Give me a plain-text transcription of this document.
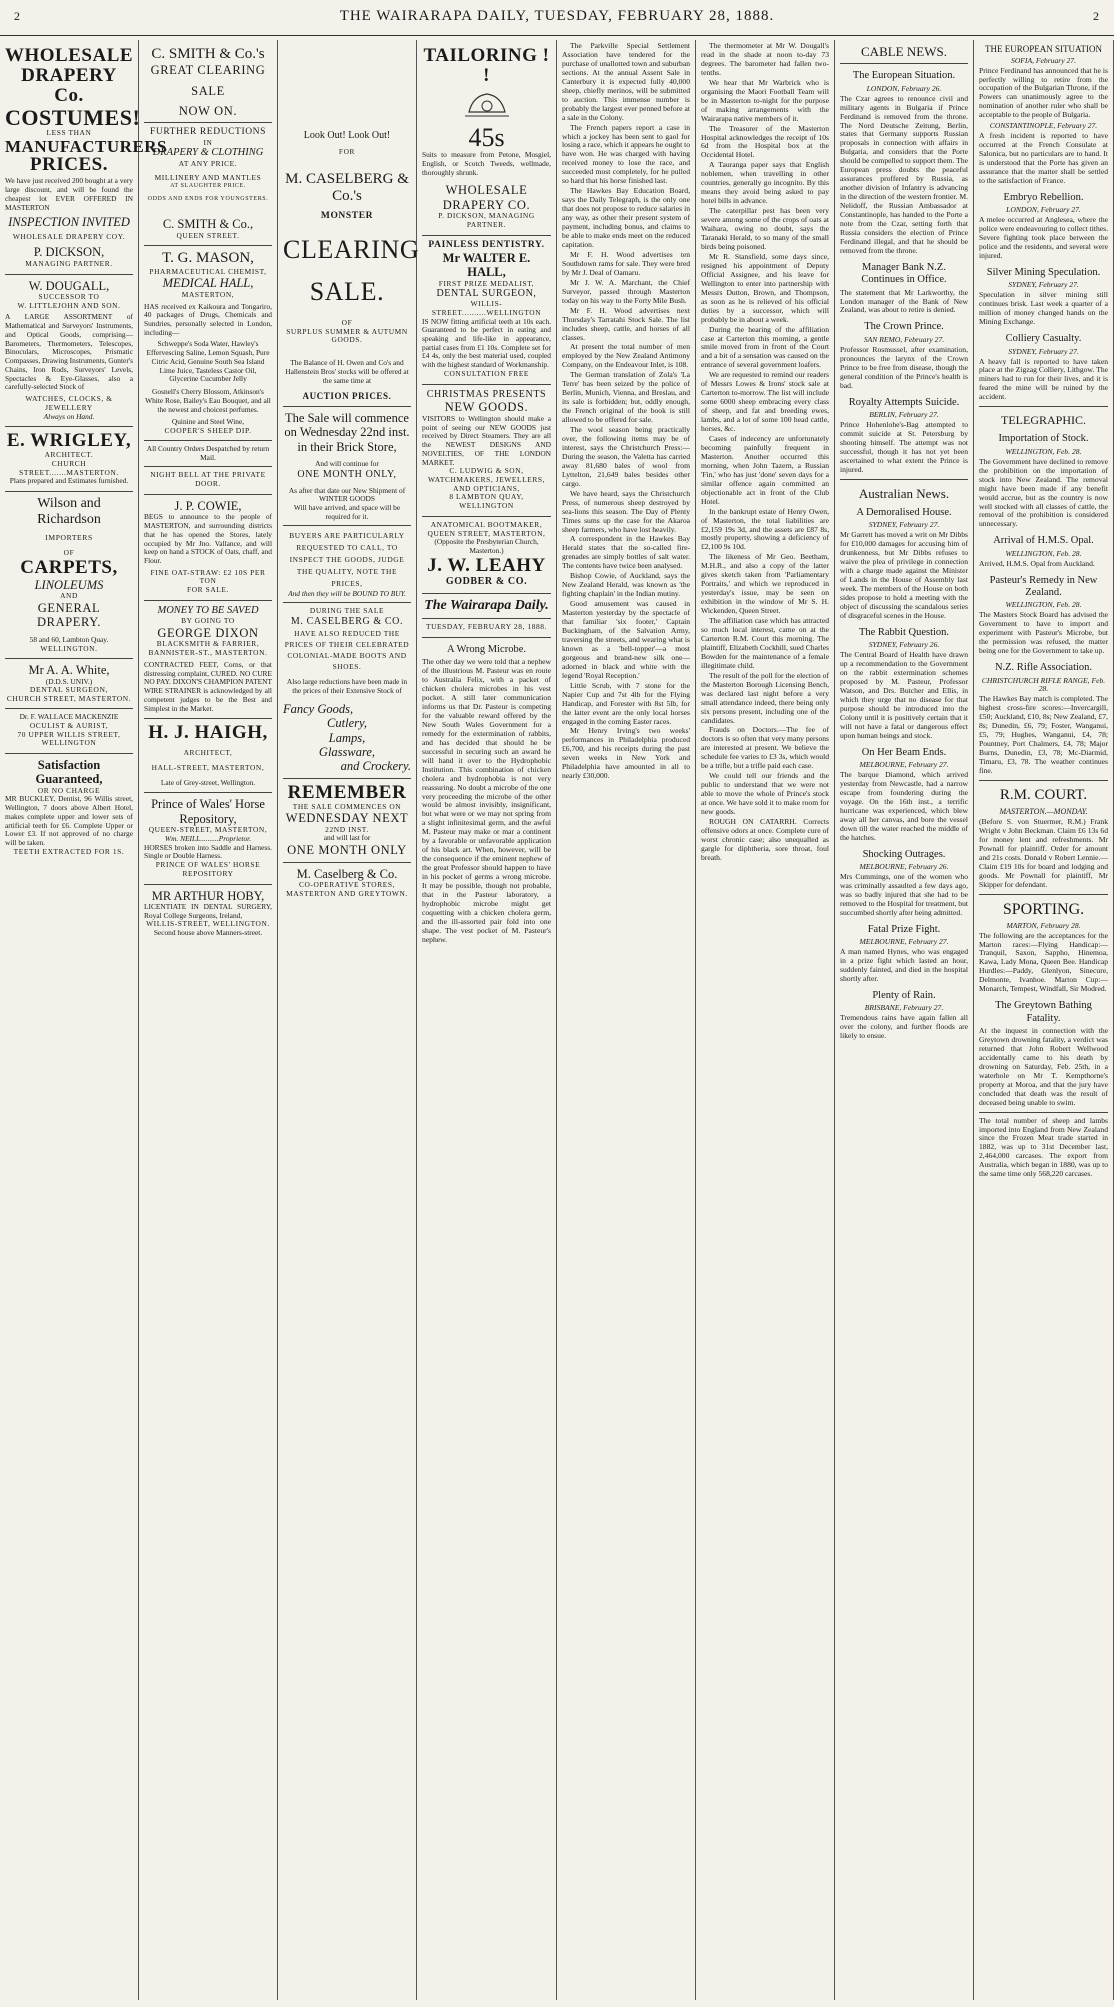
2	THE WAIRARAPA DAILY, TUESDAY, FEBRUARY 28, 1888.	2
WHOLESALE
DRAPERY Co.
COSTUMES!
LESS THAN
MANUFACTURERS
PRICES.
We have just received 200 bought at a very large discount, and will be found the cheapest lot EVER OFFERED IN MASTERTON
INSPECTION INVITED
WHOLESALE DRAPERY COY.
P. DICKSON,
MANAGING PARTNER.
W. DOUGALL,
SUCCESSOR TO
W. LITTLEJOHN AND SON.
A LARGE ASSORTMENT of Mathematical and Surveyors' Instruments, and Optical Goods, comprising— Barometers, Thermometers, Telescopes, Binoculars, Microscopes, Prismatic Compasses, Drawing Instruments, Gunter's Chains, Iron Rods, Surveyors' Levels, Spectacles & Eye-Glasses, also a carefully-selected Stock of
WATCHES, CLOCKS, & JEWELLERY
Always on Hand.
E. WRIGLEY,
ARCHITECT.
CHURCH STREET.......MASTERTON.
Plans prepared and Estimates furnished.
Wilson and Richardson
IMPORTERS
OF
CARPETS,
LINOLEUMS
AND
GENERAL DRAPERY.
58 and 60, Lambton Quay.
WELLINGTON.
Mr A. A. White,
(D.D.S. UNIV.)
DENTAL SURGEON,
CHURCH STREET, MASTERTON.
Dr. F. WALLACE MACKENZIE
OCULIST & AURIST,
70 UPPER WILLIS STREET, WELLINGTON
Satisfaction Guaranteed,
OR NO CHARGE
MR BUCKLEY, Dentist, 96 Willis street, Wellington, 7 doors above Albert Hotel, makes complete upper and lower sets of artificial teeth for £6. Complete Upper or Lower £3. If not approved of no charge will be taken.
TEETH EXTRACTED FOR 1S.
C. SMITH & Co.'s
GREAT CLEARING
SALE
NOW ON.
FURTHER REDUCTIONS
IN
DRAPERY & CLOTHING
AT ANY PRICE.
MILLINERY AND MANTLES
AT SLAUGHTER PRICE.
ODDS AND ENDS FOR YOUNGSTERS.
C. SMITH & Co.,
QUEEN STREET.
T. G. MASON,
PHARMACEUTICAL CHEMIST,
MEDICAL HALL,
MASTERTON,
HAS received ex Kaikoura and Tongariro, 40 packages of Drugs, Chemicals and Sundries, personally selected in London, including—
Schweppe's Soda Water, Hawley's Effervescing Saline, Lemon Squash, Pure Citric Acid, Genuine South Sea Island Lime Juice, Tasteless Castor Oil, Glycerine Cucumber Jelly
Gosnell's Cherry Blossom, Atkinson's White Rose, Bailey's Eau Bouquet, and all the newest and choicest perfumes.
Quinine and Steel Wine,
COOPER'S SHEEP DIP.
All Country Orders Despatched by return Mail.
NIGHT BELL AT THE PRIVATE DOOR.
J. P. COWIE,
BEGS to announce to the people of MASTERTON, and surrounding districts that he has opened the Stores, lately occupied by Mr Jno. Vallance, and will keep on hand a STOCK of Oats, chaff, and Flour.
FINE OAT-STRAW: £2 10S PER TON
FOR SALE.
MONEY TO BE SAVED
BY GOING TO
GEORGE DIXON
BLACKSMITH & FARRIER,
BANNISTER-ST., MASTERTON.
CONTRACTED FEET, Corns, or that distressing complaint, CURED. NO CURE NO PAY. DIXON'S CHAMPION PATENT WIRE STRAINER is acknowledged by all competent judges to be the Best and Simplest in the Market.
H. J. HAIGH,
ARCHITECT,
HALL-STREET, MASTERTON,
Late of Grey-street, Wellington.
Prince of Wales' Horse Repository,
QUEEN-STREET, MASTERTON,
Wm. NEILL..........Proprietor.
HORSES broken into Saddle and Harness. Single or Double Harness.
PRINCE OF WALES' HORSE REPOSITORY
MR ARTHUR HOBY,
LICENTIATE IN DENTAL SURGERY, Royal College Surgeons, Ireland,
WILLIS-STREET, WELLINGTON.
Second house above Manners-street.
Look Out! Look Out!
FOR
M. CASELBERG & Co.'s
MONSTER
CLEARING
SALE.
OF
SURPLUS SUMMER & AUTUMN GOODS.
The Balance of H. Owen and Co's and Hallenstein Bros' stocks will be offered at the same time at
AUCTION PRICES.
The Sale will commence on Wednesday 22nd inst. in their Brick Store,
And will continue for
ONE MONTH ONLY,
As after that date our New Shipment of WINTER GOODS
Will have arrived, and space will be required for it.
BUYERS ARE PARTICULARLY REQUESTED TO CALL, TO INSPECT THE GOODS, JUDGE THE QUALITY, NOTE THE PRICES,
And then they will be BOUND TO BUY.
DURING THE SALE
M. CASELBERG & CO.
HAVE ALSO REDUCED THE PRICES OF THEIR CELEBRATED COLONIAL-MADE BOOTS AND SHOES.
Also large reductions have been made in the prices of their Extensive Stock of
Fancy Goods,
Cutlery,
Lamps,
Glassware,
and Crockery.
REMEMBER
THE SALE COMMENCES ON
WEDNESDAY NEXT
22ND INST.
and will last for
ONE MONTH ONLY
M. Caselberg & Co.
CO-OPERATIVE STORES,
MASTERTON AND GREYTOWN.
TAILORING ! !
45s
Suits to measure from Petone, Mosgiel, English, or Scotch Tweeds, wellmade, thoroughly shrunk.
WHOLESALE DRAPERY CO.
P. DICKSON, MANAGING PARTNER.
PAINLESS DENTISTRY.
Mr WALTER E. HALL,
FIRST PRIZE MEDALIST,
DENTAL SURGEON,
WILLIS-STREET..........WELLINGTON
IS NOW fitting artificial teeth at 10s each. Guaranteed to be perfect in eating and speaking and life-like in appearance, partial cases from £1 10s. Complete set for £4 4s, only the best material used, coupled with the highest standard of Workmanship.
CONSULTATION FREE
CHRISTMAS PRESENTS
NEW GOODS.
VISITORS to Wellington should make a point of seeing our NEW GOODS just received by Direct Steamers. They are all the NEWEST DESIGNS AND NOVELTIES, OF THE LONDON MARKET.
C. LUDWIG & SON,
WATCHMAKERS, JEWELLERS, AND OPTICIANS,
8 LAMBTON QUAY, WELLINGTON
ANATOMICAL BOOTMAKER, QUEEN STREET, MASTERTON,
(Opposite the Presbyterian Church, Masterton.)
J. W. LEAHY
GODBER & CO.
The Wairarapa Daily.
TUESDAY, FEBRUARY 28, 1888.
A Wrong Microbe.
The other day we were told that a nephew of the illustrious M. Pasteur was en route to Australia Felix, with a packet of chicken cholera microbes in his vest pocket. A still later communication informs us that Dr. Pasteur is competing for the valuable reward offered by the New South Wales Government for a remedy for the extermination of rabbits, and has decided that should he be successful in securing such an award he will hand it over to the Hydrophobic Institution. This combination of chicken cholera and hydrophobia is not very reassuring. No doubt a microbe of the one very proceeding the microbe of the other would be almost invisibly, insignificant, but what were or we may not spring from a slight infinitesimal germ, and the awful M. Pasteur may make or mar a continent by a favorable or unfavorable application of his black art. When, however, will be the consequence if the eminent nephew of the great Professor should happen to have in his pocket of germs a wrong microbe. It may be possible, though not probable, that in the Pasteur laboratory, a hydrophobic microbe might get coquetting with a chicken cholera germ, and the ill-assorted pair fold into one shape. The vest pocket of M. Pasteur's nephew.

The Parkville Special Settlement Association have tendered for the purchase of unallotted town and suburban sections. At the annual Assent Sale in Canterbury it is expected fully 40,000 sheep, chiefly merinos, will be submitted to auction. This immense number is probably the largest ever penned before at a sale in the Colony.

The French papers report a case in which a jockey has been sent to gaol for losing a race, which it appears he ought to have won. He was charged with having received money to lose the race, and succeeded most completely, for he pulled so hard that his horse finished last.

The Hawkes Bay Education Board, says the Daily Telegraph, is the only one that does not propose to reduce salaries in any way, as other their present system of payment, including bonus, and claims to be able to make ends meet on the reduced capitation.

Mr F. H. Wood advertises ten Southdown rams for sale. They were bred by Mr J. Deal of Oamaru.

Mr J. W. A. Marchant, the Chief Surveyor, passed through Masterton today on his way to the Forty Mile Bush.

Mr F. H. Wood advertises next Thursday's Tarratahi Stock Sale. The list includes sheep, cattle, and horses of all classes.

At present the total number of men employed by the New Zealand Antimony Company, on the Endeavour Inlet, is 108.

The German translation of Zola's 'La Terre' has been seized by the police of Berlin, Munich, Vienna, and Breslau, and its sale is forbidden; but, oddly enough, the French original of the book is still allowed to be offered for sale.

The wool season being practically over, the following items may be of interest, says the Christchurch Press:—During the season, the Valetta has carried away 81,680 bales of wool from Lyttelton, 21,649 bales besides other cargo.

We have heard, says the Christchurch Press, of numerous sheep destroyed by sea-lions this season. The Day of Plenty Times sums up the case for the Akaroa sheep farmers, who have lost heavily.

A correspondent in the Hawkes Bay Herald states that the so-called fire-grenades are simply bottles of salt water. The contents have twice been analysed.

Bishop Cowie, of Auckland, says the New Zealand Herald, was known as 'the fighting chaplain' in the Indian mutiny.

Good amusement was caused in Masterton yesterday by the spectacle of that familiar 'six footer,' Captain Buckingham, of the Salvation Army, traversing the streets, and wearing what is known as a 'bell-topper'—a most gorgeous and brand-new silk one—adorned in black and white with the legend 'Royal Reception.'

Little Scrub, with 7 stone for the Napier Cup and 7st 4lb for the Flying Handicap, and Forester with 8st 5lb, for the latter event are the only local horses engaged in the coming Easter races.

Mr Henry Irving's two weeks' performances in Philadelphia produced £6,700, and his receipts during the past seven weeks in New York and Philadelphia have amounted in all to nearly £30,000.

The thermometer at Mr W. Dougall's read in the shade at noon to-day 73 degrees. The barometer had fallen two-tenths.

We hear that Mr Warbrick who is organising the Maori Football Team will be in Masterton to-night for the purpose of making arrangements with the Wairarapa native members of it.

The Treasurer of the Masterton Hospital acknowledges the receipt of 10s 6d from the Hospital box at the Occidental Hotel.

A Tauranga paper says that English noblemen, when travelling in other countries, generally go incognito. By this means they avoid being asked to pay hotel bills in advance.

The caterpillar pest has been very severe among some of the crops of oats at Waihara, owing no doubt, says the Taranaki Herald, to so many of the small birds being poisoned.

Mr R. Stansfield, some days since, resigned his appointment of Deputy Official Assignee, and his leave for Wellington to enter into partnership with Messrs Dutton, Brown, and Thompson, as soon as he is relieved of his official duties by a successor, which will probably be in about a week.

During the hearing of the affiliation case at Carterton this morning, a gentle smile moved from in front of the Court and a bit of a sensation was caused on the entrance of several government loafers.

We are requested to remind our readers of Messrs Lowes & Irons' stock sale at Carterton to-morrow. The list will include some 6000 sheep embracing every class of sheep, and fat and breeding ewes, lambs, and a lot of some 100 head cattle, horses, &c.

Cases of indecency are unfortunately becoming painfully frequent in Masterton. Another occurred this morning, when John Tazern, a Russian 'Fin,' who has just 'done' seven days for a similar offence again committed an objectionable act in front of the Club Hotel.

In the bankrupt estate of Henry Owen, of Masterton, the total liabilities are £2,159 19s 3d, and the assets are £87 8s, mostly property, showing a deficiency of £2,100 9s 10d.

The likeness of Mr Geo. Beetham, M.H.R., and also a copy of the latter gives sketch taken from 'Parliamentary Portraits,' and which we reproduced in yesterday's issue, may be seen on exhibition in the window of Mr S. H. Wickenden, Queen Street.

The affiliation case which has attracted so much local interest, came on at the Carterton R.M. Court this morning. The plaintiff, Elizabeth Cockhill, sued Charles Bowden for the maintenance of a female illegitimate child.

The result of the poll for the election of the Masterton Borough Licensing Bench, was declared last night before a very small attendance indeed, there being only six persons present, including one of the candidates.

Frauds on Doctors.—The fee of doctors is so often that very many persons are interested at present. We believe the schedule fee varies to £3 3s, which would be a trifle, but a trifle paid each case.

We could tell our friends and the public to understand that we were not able to move the whole of Prince's stock at once. We have sold it to make room for new goods.

ROUGH ON CATARRH. Corrects offensive odors at once. Complete cure of worst chronic case; also unequalled as gargle for diphtheria, sore throat, foul breath.

CABLE NEWS.
The European Situation.
LONDON, February 26.
The Czar agrees to renounce civil and military agents in Bulgaria if Prince Ferdinand is removed from the throne. The Nord Deutsche Zeitung, Berlin, states that Germany supports Russian proposals in connection with affairs in Bulgaria, and considers that the Porte should be compelled to support them. The European press doubts the peaceful assurances proffered by Russia, as another division of Infantry is advancing in the direction of the western frontier. M. Nelidoff, the Russian Ambassador at Constantinople, has handed to the Porte a note from the Czar, setting forth that Russia considers the election of Prince Ferdinand illegal, and that he should be removed from the throne.
Manager Bank N.Z. Continues in Office.
The statement that Mr Larkworthy, the London manager of the Bank of New Zealand, was about to retire is denied.
The Crown Prince.
SAN REMO, February 27.
Professor Rosmussel, after examination, pronounces the larynx of the Crown Prince to be free from disease, though the general condition of the Prince's health is bad.
Royalty Attempts Suicide.
BERLIN, February 27.
Prince Hohenlohe's-Bag attempted to commit suicide at St. Petersburg by shooting himself. The attempt was not successful, though it has not yet been ascertained to what extent the Prince is injured.
Australian News.
A Demoralised House.
SYDNEY, February 27.
Mr Garrett has moved a writ on Mr Dibbs for £10,000 damages for accusing him of drunkenness, but Mr Dibbs refuses to waive the plea of privilege in connection with a charge made against the Minister of Lands in the House of Assembly last week. The members of the House on both sides propose to hold a meeting with the object of discussing the scandalous series of disgraceful scenes in the House.
The Rabbit Question.
SYDNEY, February 26.
The Central Board of Health have drawn up a recommendation to the Government on the rabbit extermination schemes proposed by M. Pasteur, Professor Watson, and Drs. Butcher and Ellis, in which they urge that no disease for that purpose should be introduced into the Colony until it is positively certain that it will not have a fatal or dangerous effect upon human beings and stock.
On Her Beam Ends.
MELBOURNE, February 27.
The barque Diamond, which arrived yesterday from Newcastle, had a narrow escape from foundering during the voyage. On the 16th inst., a terrific hurricane was experienced, which blew away all her canvas, and bore the vessel down till the water reached the middle of the hatches.
Shocking Outrages.
MELBOURNE, February 26.
Mrs Cummings, one of the women who was criminally assaulted a few days ago, was so badly injured that she had to be removed to the Hospital for treatment, but succumbed shortly after being admitted.
Fatal Prize Fight.
MELBOURNE, February 27.
A man named Hynes, who was engaged in a prize fight which lasted an hour, suddenly fainted, and died in the hospital shortly after.
Plenty of Rain.
BRISBANE, February 27.
Tremendous rains have again fallen all over the colony, and further floods are likely to ensue.
THE EUROPEAN SITUATION
SOFIA, February 27.
Prince Ferdinand has announced that he is perfectly willing to retire from the occupation of the Bulgarian Throne, if the Powers can unanimously agree to the nomination of another ruler who shall be acceptable to the people of Bulgaria.
CONSTANTINOPLE, February 27.
A fresh incident is reported to have occurred at the French Consulate at Salonica, but no particulars are to hand. It is understood that the Porte has given an assurance that the matter shall be settled to the satisfaction of France.
Embryo Rebellion.
LONDON, February 27.
A melee occurred at Anglesea, where the police were endeavouring to collect tithes. Severe fighting took place between the police and the residents, and several were injured.
Silver Mining Speculation.
SYDNEY, February 27.
Speculation in silver mining still continues brisk. Last week a quarter of a million of money changed hands on the Mining Exchange.
Colliery Casualty.
SYDNEY, February 27.
A heavy fall is reported to have taken place at the Zigzag Colliery, Lithgow. The miners had to run for their lives, and it is feared the mine will be ruined by the accident.
TELEGRAPHIC.
Importation of Stock.
WELLINGTON, Feb. 28.
The Government have declined to remove the prohibition on the importation of stock into New Zealand. The removal might have been made if any benefit would accrue, but as the country is now well stocked with all classes of cattle, the removal of the prohibition is considered unnecessary.
Arrival of H.M.S. Opal.
WELLINGTON, Feb. 28.
Arrived, H.M.S. Opal from Auckland.
Pasteur's Remedy in New Zealand.
WELLINGTON, Feb. 28.
The Masters Stock Board has advised the Government to have to import and experiment with Pasteur's Microbe, but the permission was refused, the matter being one for the Government to take up.
N.Z. Rifle Association.
CHRISTCHURCH RIFLE RANGE, Feb. 28.
The Hawkes Bay match is completed. The highest cross-fire scores:—Invercargill, £50; Auckland, £10, 8s; New Zealand, £7, 8s; Dunedin, £6, 79; Foster, Wanganui, £5, 79; Hughes, Wanganui, £4, 78; Pountney, Port Chalmers, £4, 78; Major Burns, Dunedin, £3, 78; Mc-Diarmid, Timaru, £3, 78. The weather continues fine.
R.M. COURT.
MASTERTON.—MONDAY.
(Before S. von Stuermer, R.M.) Frank Wright v John Beckman. Claim £6 13s 6d for money lent and refreshments. Mr Pownall for plaintiff. Order for amount and 21s costs. Donald v Robert Lennie.—Claim £19 10s for board and lodging and goods. Mr Pownall for plaintiff, Mr Skipper for defendant.
SPORTING.
MARTON, February 28.
The following are the acceptances for the Marton races:—Flying Handicap:—Tranquil, Saxon, Sappho, Hinemoa, Kawa, Lady Mona, Queen Bee. Handicap Hurdles:—Paddy, Glenlyon, Sinecure, Delmonte, Ivanhoe. Marton Cup:—Monarch, Tempest, Windfall, Sir Modred.
The Greytown Bathing Fatality.
At the inquest in connection with the Greytown drowning fatality, a verdict was returned that John Robert Wellwood accidentally came to his death by drowning on Saturday, Feb. 25th, in a waterhole on Mr T. Kempthorne's property at Moroa, and that the jury have concluded that death was the result of deceased being unable to swim.
The total number of sheep and lambs imported into England from New Zealand since the Frozen Meat trade started in 1882, was up to 31st December last, 2,464,000 carcases. The export from Australia, which began in 1880, was up to the same time only 568,220 carcases.
